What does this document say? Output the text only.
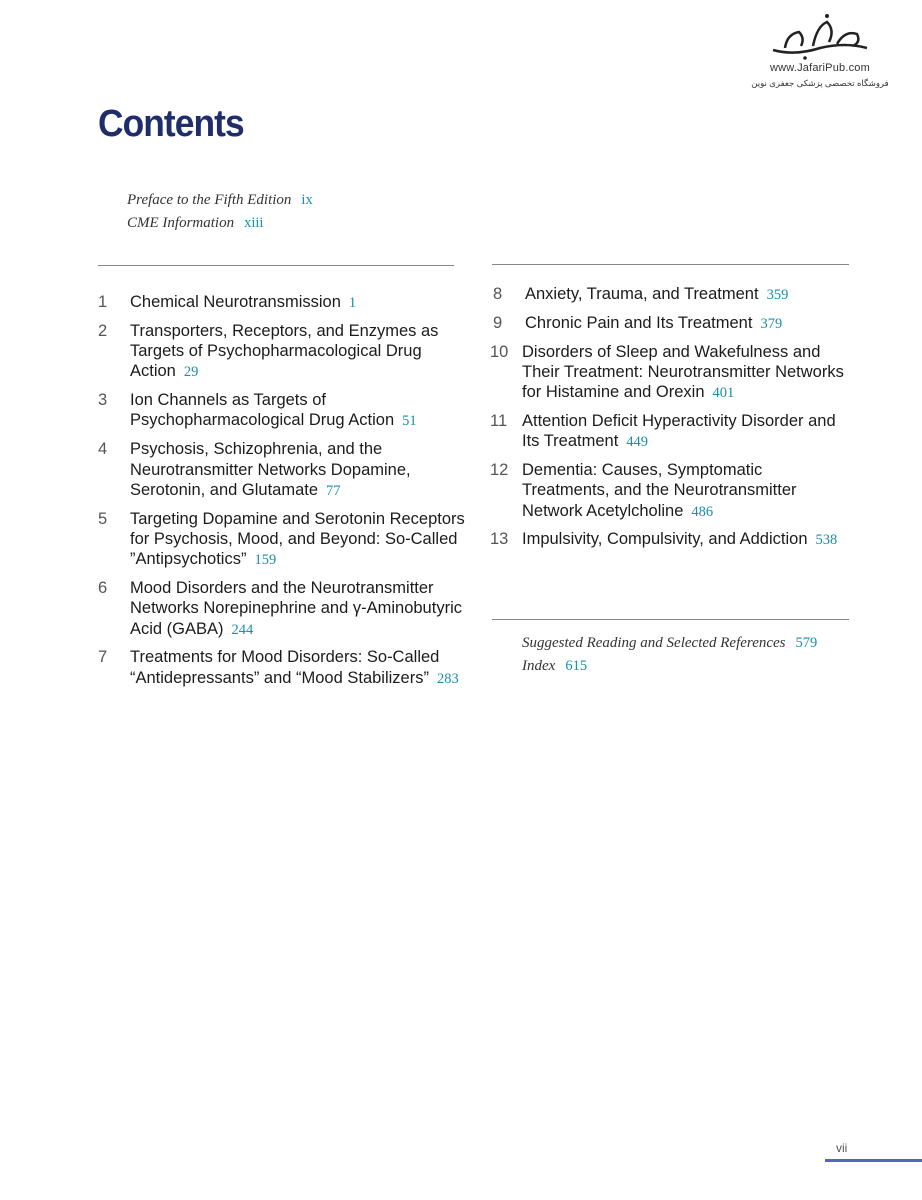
www.JafariPub.com
فروشگاه تخصصی پزشکی جعفری نوین
Contents
Preface to the Fifth Edition ix
CME Information xiii
1	Chemical Neurotransmission 1
2	Transporters, Receptors, and Enzymes as Targets of Psychopharmacological Drug Action 29
3	Ion Channels as Targets of Psychopharmacological Drug Action 51
4	Psychosis, Schizophrenia, and the Neurotransmitter Networks Dopamine, Serotonin, and Glutamate 77
5	Targeting Dopamine and Serotonin Receptors for Psychosis, Mood, and Beyond: So-Called ”Antipsychotics” 159
6	Mood Disorders and the Neurotransmitter Networks Norepinephrine and γ-Aminobutyric Acid (GABA) 244
7	Treatments for Mood Disorders: So-Called “Antidepressants” and “Mood Stabilizers” 283
8	Anxiety, Trauma, and Treatment 359
9	Chronic Pain and Its Treatment 379
10 Disorders of Sleep and Wakefulness and Their Treatment: Neurotransmitter Networks for Histamine and Orexin 401
11 Attention Deficit Hyperactivity Disorder and Its Treatment 449
12 Dementia: Causes, Symptomatic Treatments, and the Neurotransmitter Network Acetylcholine 486
13 Impulsivity, Compulsivity, and Addiction 538
Suggested Reading and Selected References 579
Index 615
vii
